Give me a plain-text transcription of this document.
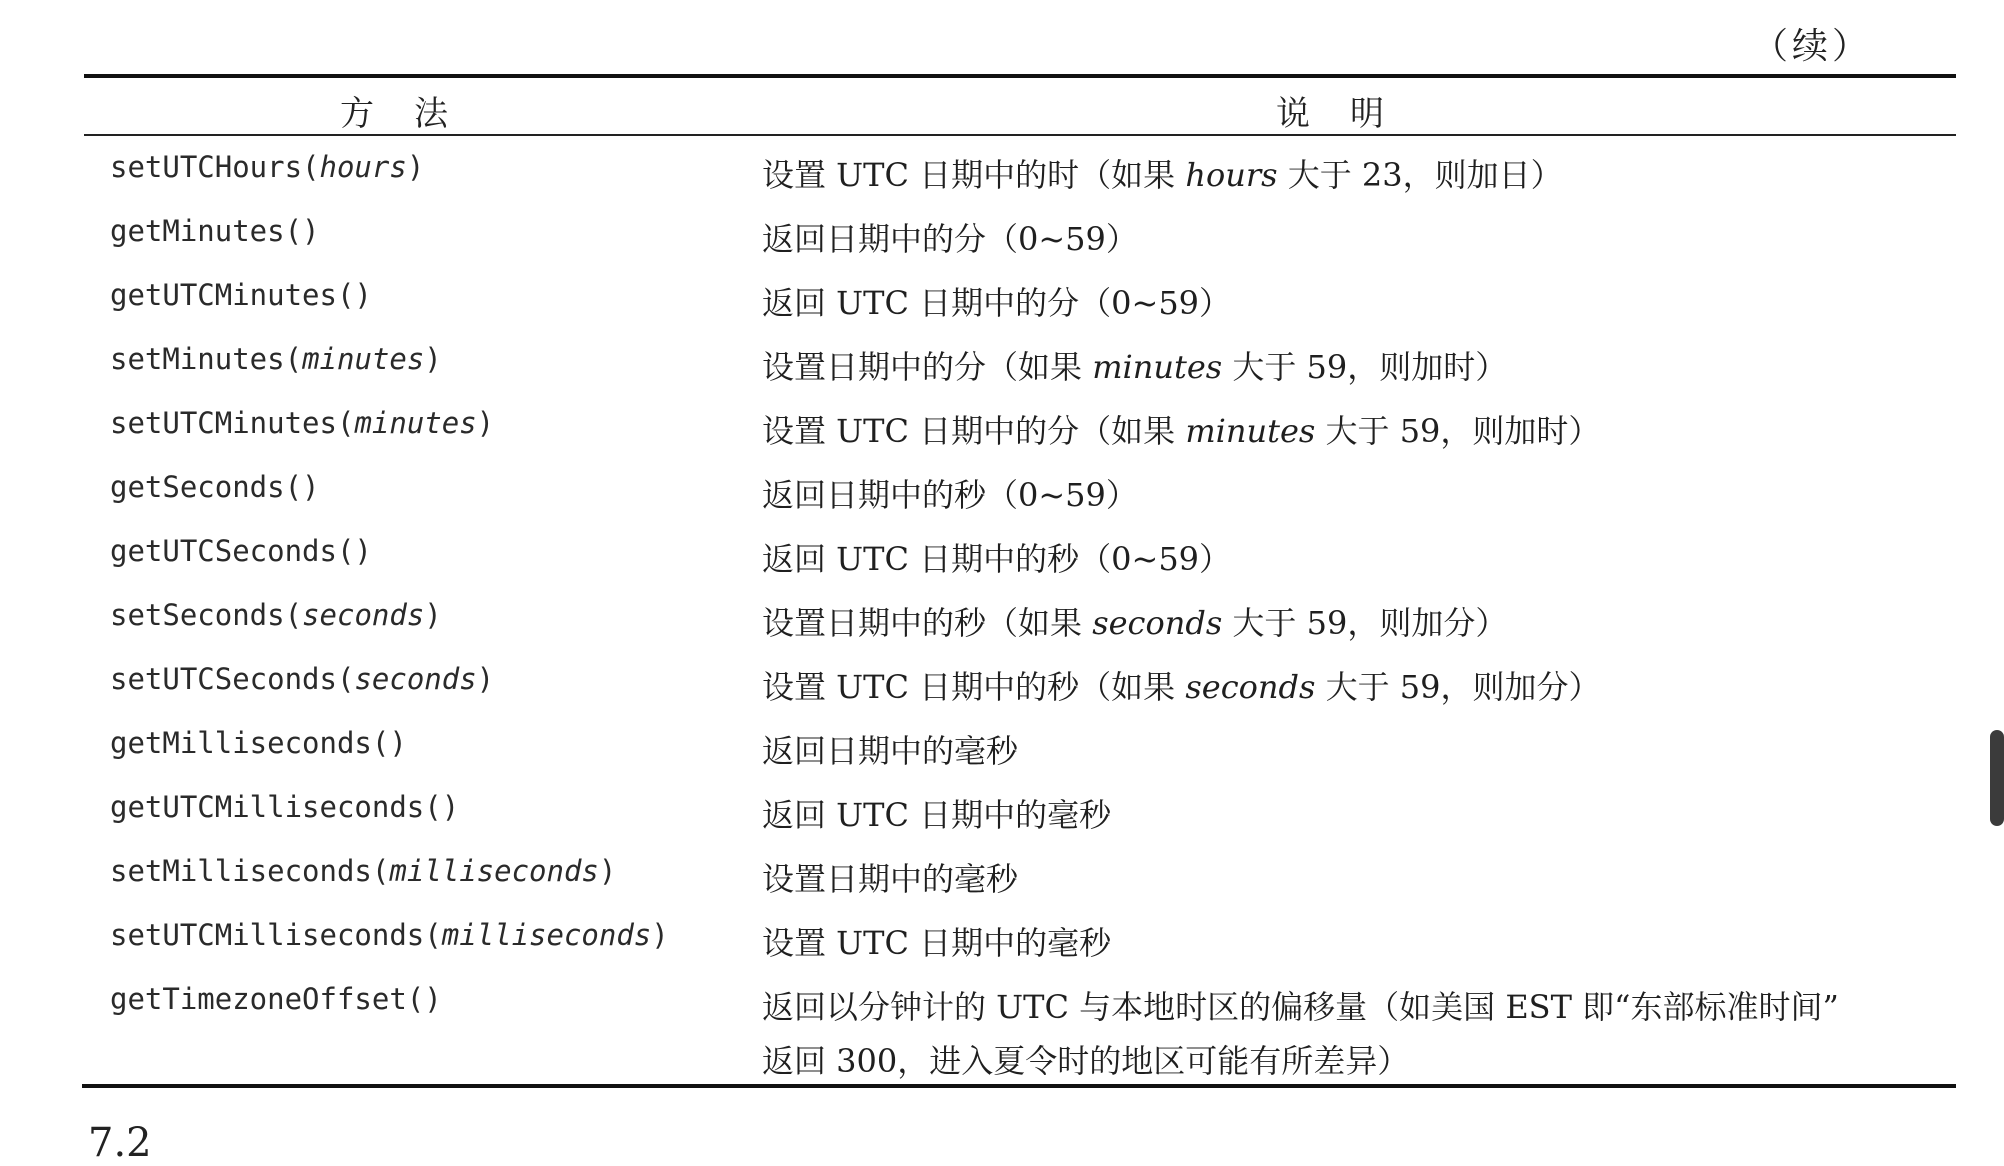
（续）
方法	说明
setUTCHours(hours)	设置 UTC 日期中的时（如果 hours 大于 23，则加日）
getMinutes()	返回日期中的分（0~59）
getUTCMinutes()	返回 UTC 日期中的分（0~59）
setMinutes(minutes)	设置日期中的分（如果 minutes 大于 59，则加时）
setUTCMinutes(minutes)	设置 UTC 日期中的分（如果 minutes 大于 59，则加时）
getSeconds()	返回日期中的秒（0~59）
getUTCSeconds()	返回 UTC 日期中的秒（0~59）
setSeconds(seconds)	设置日期中的秒（如果 seconds 大于 59，则加分）
setUTCSeconds(seconds)	设置 UTC 日期中的秒（如果 seconds 大于 59，则加分）
getMilliseconds()	返回日期中的毫秒
getUTCMilliseconds()	返回 UTC 日期中的毫秒
setMilliseconds(milliseconds)	设置日期中的毫秒
setUTCMilliseconds(milliseconds)	设置 UTC 日期中的毫秒
getTimezoneOffset()	返回以分钟计的 UTC 与本地时区的偏移量（如美国 EST 即“东部标准时间”
返回 300，进入夏令时的地区可能有所差异）
7.2
